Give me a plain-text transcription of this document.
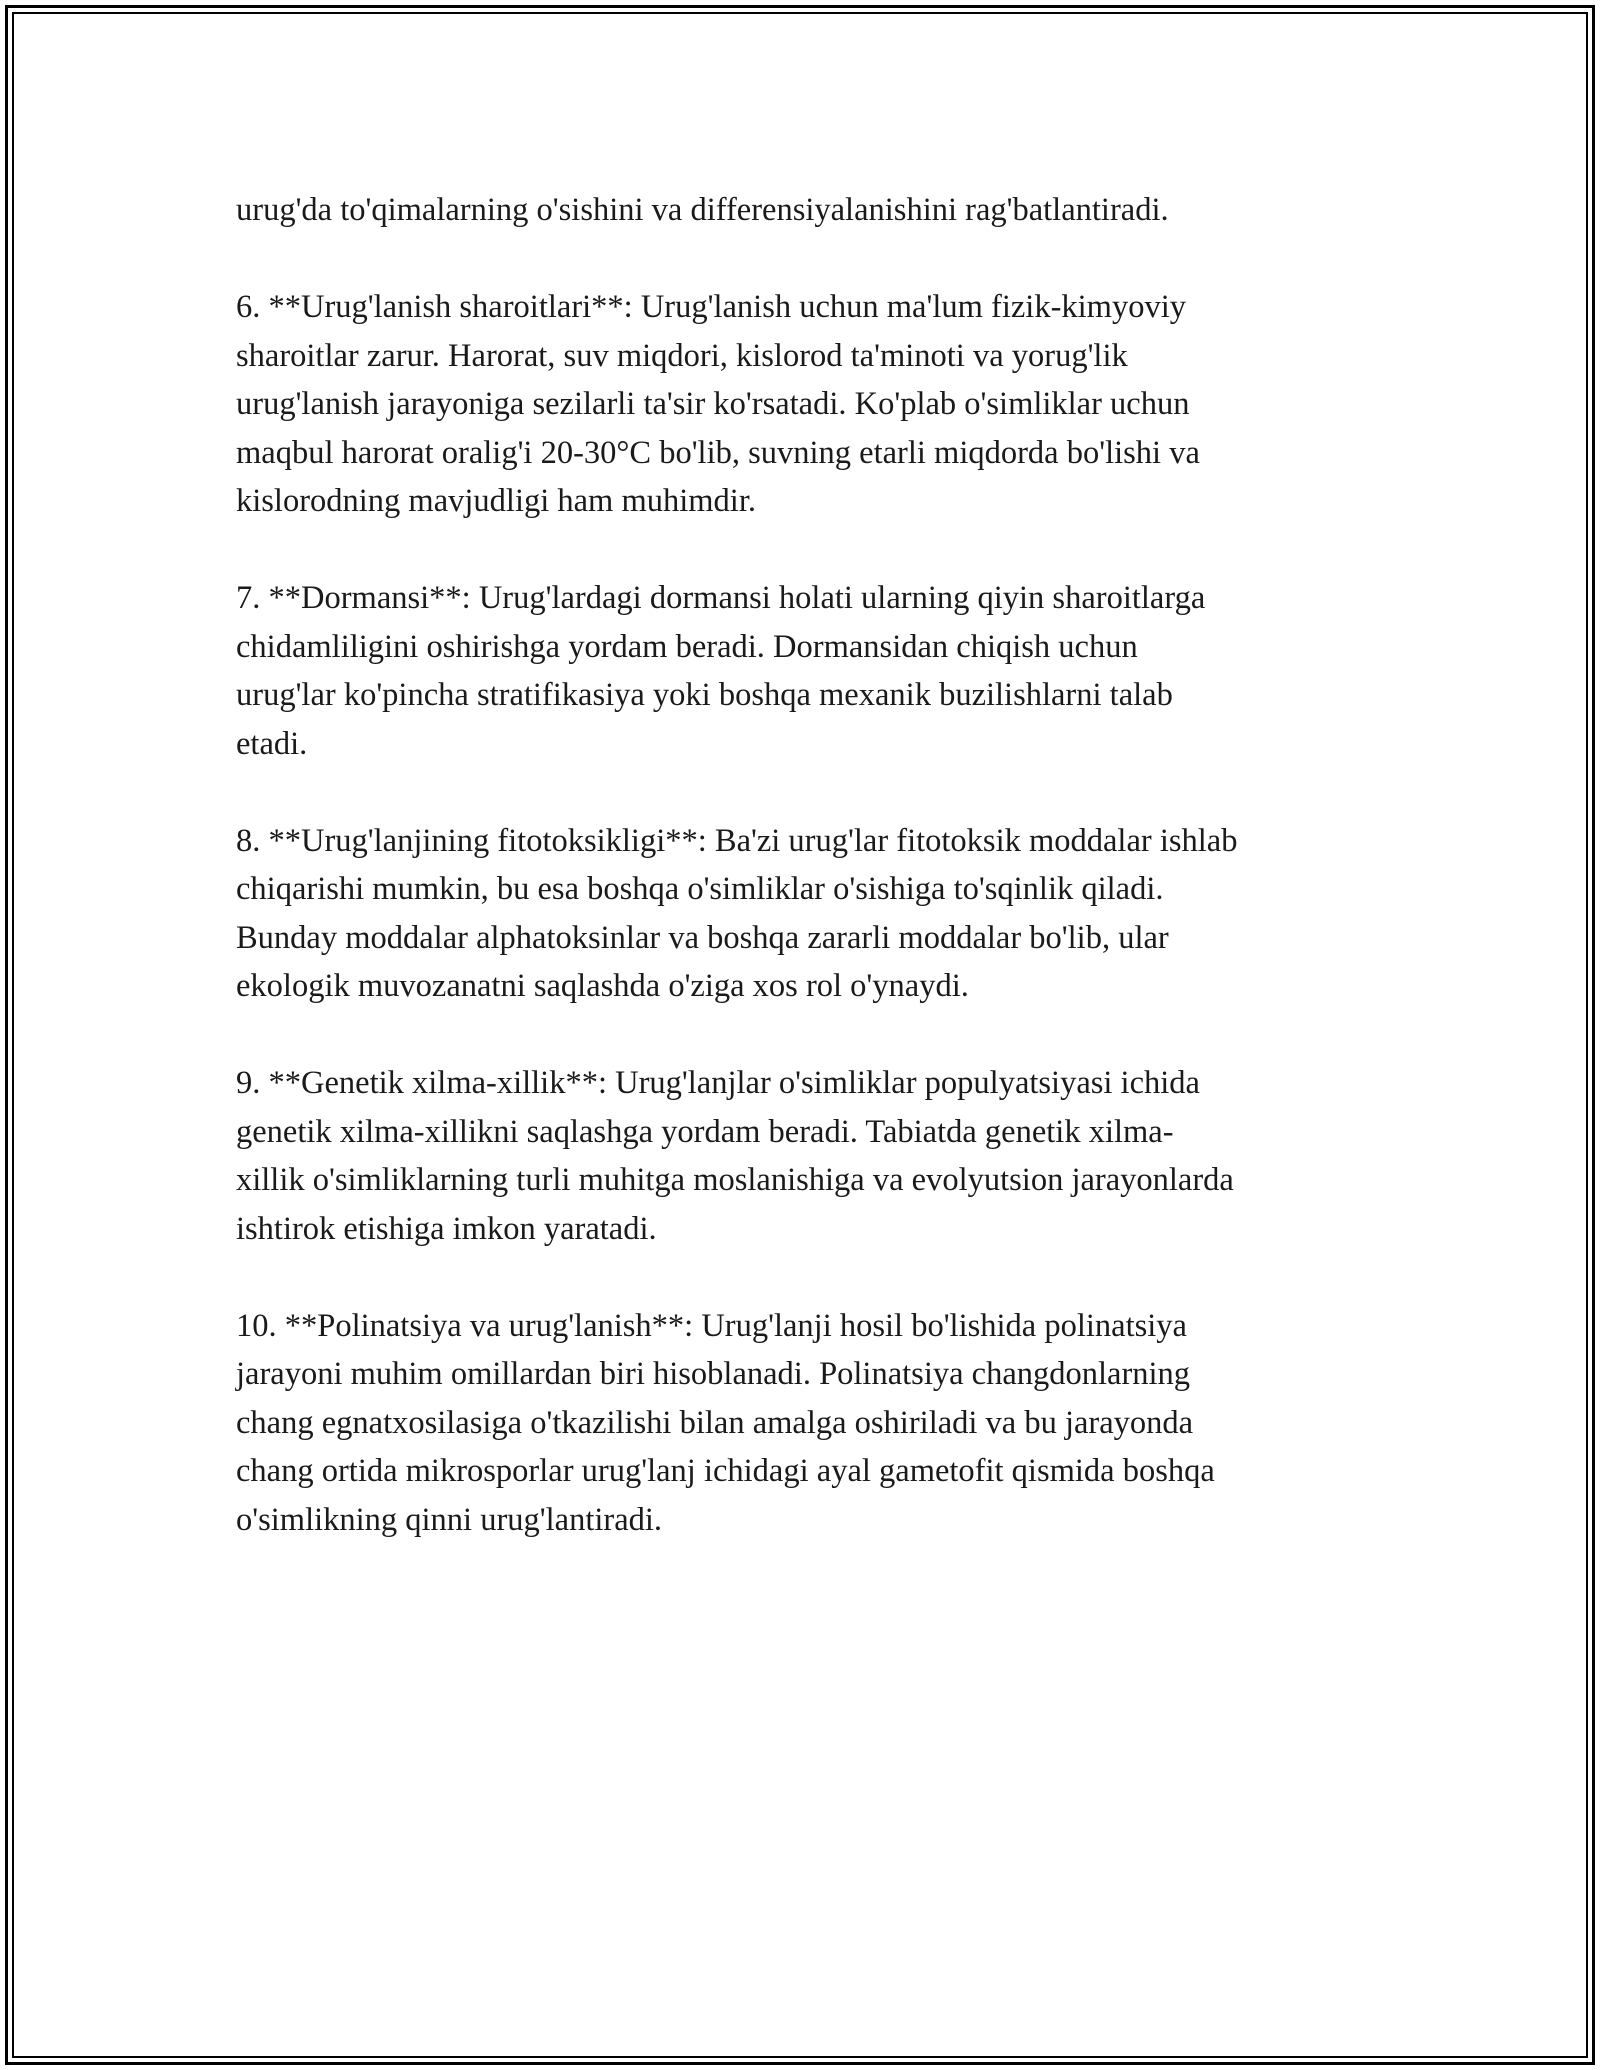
urug'da to'qimalarning o'sishini va differensiyalanishini rag'batlantiradi.

6. **Urug'lanish sharoitlari**: Urug'lanish uchun ma'lum fizik-kimyoviy
sharoitlar zarur. Harorat, suv miqdori, kislorod ta'minoti va yorug'lik
urug'lanish jarayoniga sezilarli ta'sir ko'rsatadi. Ko'plab o'simliklar uchun
maqbul harorat oralig'i 20-30°C bo'lib, suvning etarli miqdorda bo'lishi va
kislorodning mavjudligi ham muhimdir.

7. **Dormansi**: Urug'lardagi dormansi holati ularning qiyin sharoitlarga
chidamliligini oshirishga yordam beradi. Dormansidan chiqish uchun
urug'lar ko'pincha stratifikasiya yoki boshqa mexanik buzilishlarni talab
etadi.

8. **Urug'lanjining fitotoksikligi**: Ba'zi urug'lar fitotoksik moddalar ishlab
chiqarishi mumkin, bu esa boshqa o'simliklar o'sishiga to'sqinlik qiladi.
Bunday moddalar alphatoksinlar va boshqa zararli moddalar bo'lib, ular
ekologik muvozanatni saqlashda o'ziga xos rol o'ynaydi.

9. **Genetik xilma-xillik**: Urug'lanjlar o'simliklar populyatsiyasi ichida
genetik xilma-xillikni saqlashga yordam beradi. Tabiatda genetik xilma-
xillik o'simliklarning turli muhitga moslanishiga va evolyutsion jarayonlarda
ishtirok etishiga imkon yaratadi.

10. **Polinatsiya va urug'lanish**: Urug'lanji hosil bo'lishida polinatsiya
jarayoni muhim omillardan biri hisoblanadi. Polinatsiya changdonlarning
chang egnatxosilasiga o'tkazilishi bilan amalga oshiriladi va bu jarayonda
chang ortida mikrosporlar urug'lanj ichidagi ayal gametofit qismida boshqa
o'simlikning qinni urug'lantiradi.
